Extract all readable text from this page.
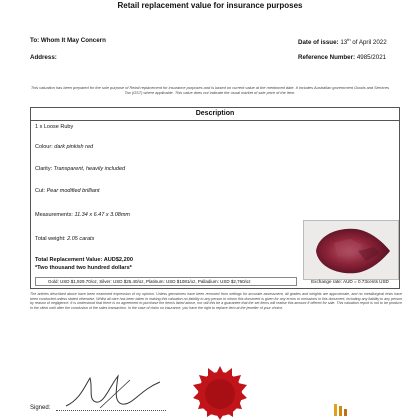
Retail replacement value for insurance purposes
To: Whom It May Concern
Address:
Date of issue: 13th of April 2022
Reference Number: 4985/2021
This valuation has been prepared for the sole purpose of Retail replacement for insurance purposes and is based on current value at the mentioned date. It includes Australian government Goods and Services Tax (GST) where applicable. This value does not indicate the usual market of sale price of the item.
Description
1 x Loose Ruby
Colour: dark pinkish red
Clarity: Transparent, heavily included
Cut: Pear modified brilliant
Measurements: 11.34 x 6.47 x 3.08mm
Total weight: 2.05 carats
Total Replacement Value: AUD$2,200
*Two thousand two hundred dollars*
Gold: USD $1,929.70/oz, Silver: USD $25.40/oz, Platinum: USD $1081/oz, Palladium: USD $2,760/oz	Exchange rate: AUD = 0.73cents USD
The articles described above have been examined expression of my opinion. Unless gemstones have been removed from settings for accurate assessment, all grades and weights are approximate, and no metallurgical tests have been conducted unless stated otherwise. Whilst all care has been taken in making this valuation no liability to any person to whom this document is given for any errors or omissions in this document, including any liability to any person by reason of negligence. It is understood that there is no agreement to purchase the item/s listed above, nor will this be a guarantee that the set items will realise this amount if offered for sale. This valuation report is not to be produce in the client until after the conclusion of the sales transaction. In the case of claim on insurance, you have the right to replace item at the jeweller of your choice.
Signed:
